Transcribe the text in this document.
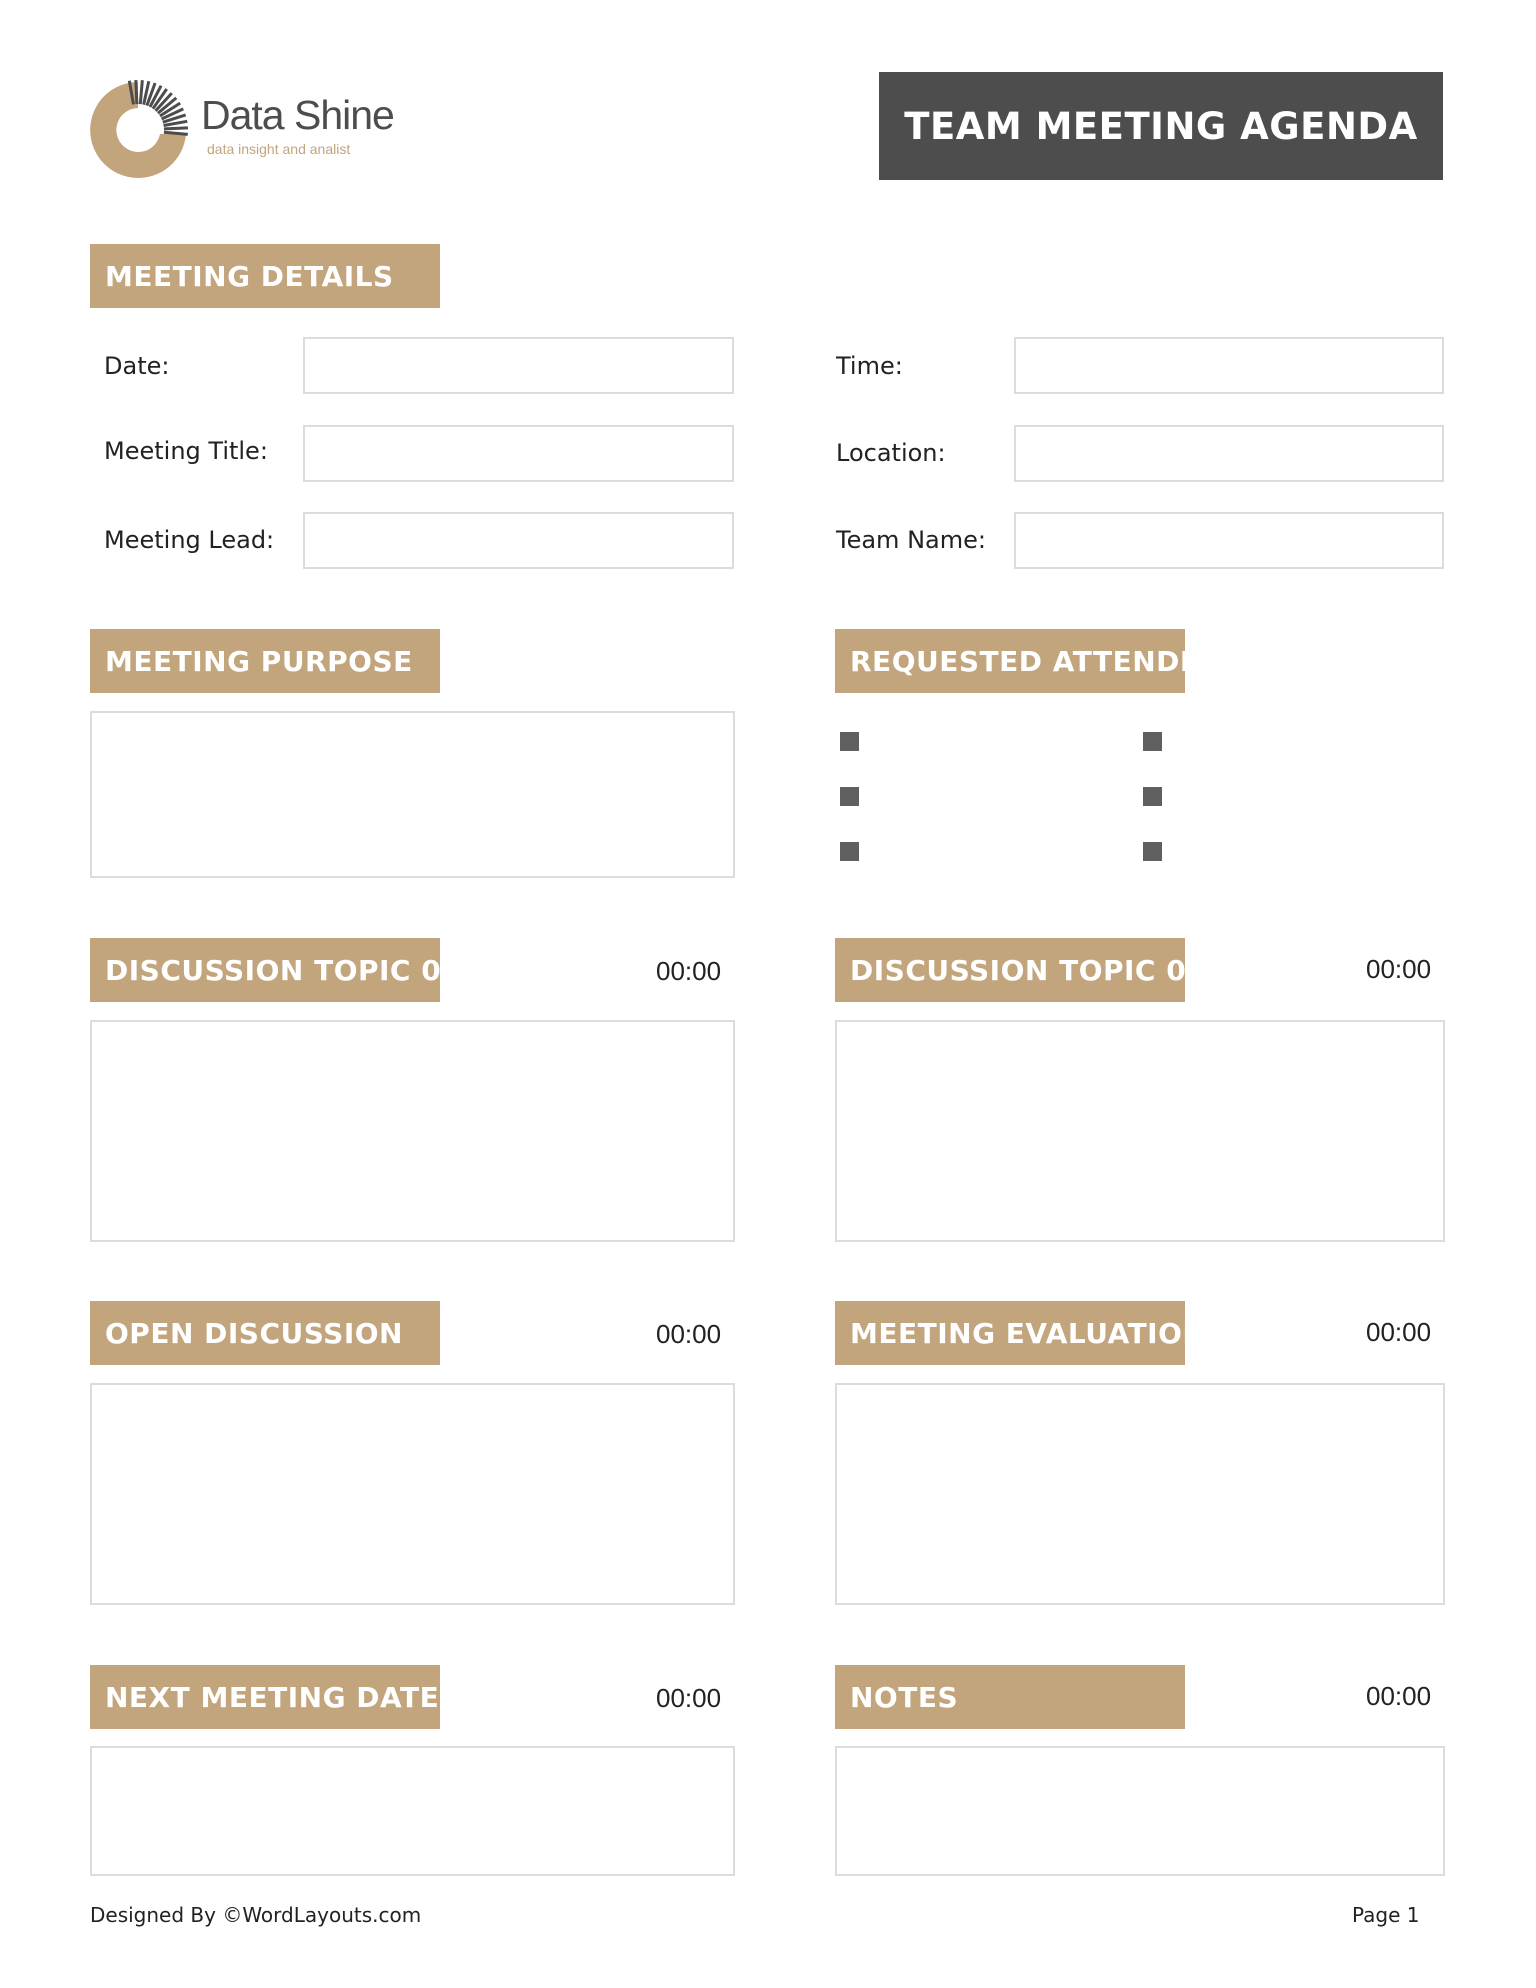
Data Shine
data insight and analist
TEAM MEETING AGENDA
MEETING DETAILS
Date:
Meeting Title:
Meeting Lead:
Time:
Location:
Team Name:
MEETING PURPOSE	REQUESTED ATTENDEES
DISCUSSION TOPIC 01	00:00	DISCUSSION TOPIC 02	00:00
OPEN DISCUSSION	00:00	MEETING EVALUATION	00:00
NEXT MEETING DATE	00:00	NOTES	00:00
Designed By ©WordLayouts.com	Page 1
